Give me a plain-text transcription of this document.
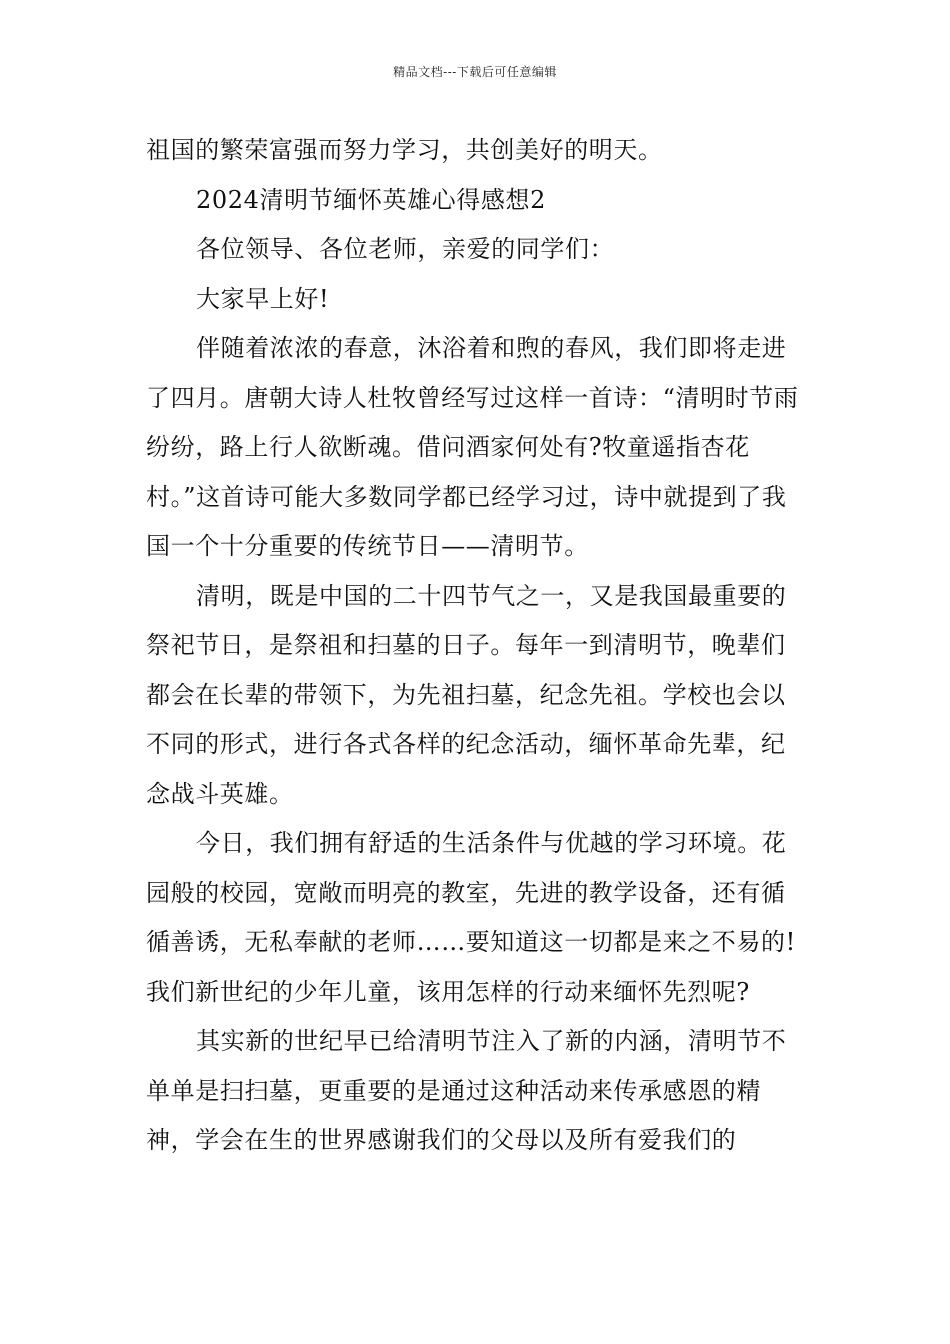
精品文档---下载后可任意编辑

祖国的繁荣富强而努力学习，共创美好的明天。

2024清明节缅怀英雄心得感想2

各位领导、各位老师，亲爱的同学们：

大家早上好!

伴随着浓浓的春意，沐浴着和煦的春风，我们即将走进了四月。唐朝大诗人杜牧曾经写过这样一首诗：“清明时节雨纷纷，路上行人欲断魂。借问酒家何处有?牧童遥指杏花村。”这首诗可能大多数同学都已经学习过，诗中就提到了我国一个十分重要的传统节日——清明节。

清明，既是中国的二十四节气之一，又是我国最重要的祭祀节日，是祭祖和扫墓的日子。每年一到清明节，晚辈们都会在长辈的带领下，为先祖扫墓，纪念先祖。学校也会以不同的形式，进行各式各样的纪念活动，缅怀革命先辈，纪念战斗英雄。

今日，我们拥有舒适的生活条件与优越的学习环境。花园般的校园，宽敞而明亮的教室，先进的教学设备，还有循循善诱，无私奉献的老师……要知道这一切都是来之不易的!我们新世纪的少年儿童，该用怎样的行动来缅怀先烈呢?

其实新的世纪早已给清明节注入了新的内涵，清明节不单单是扫扫墓，更重要的是通过这种活动来传承感恩的精神，学会在生的世界感谢我们的父母以及所有爱我们的
